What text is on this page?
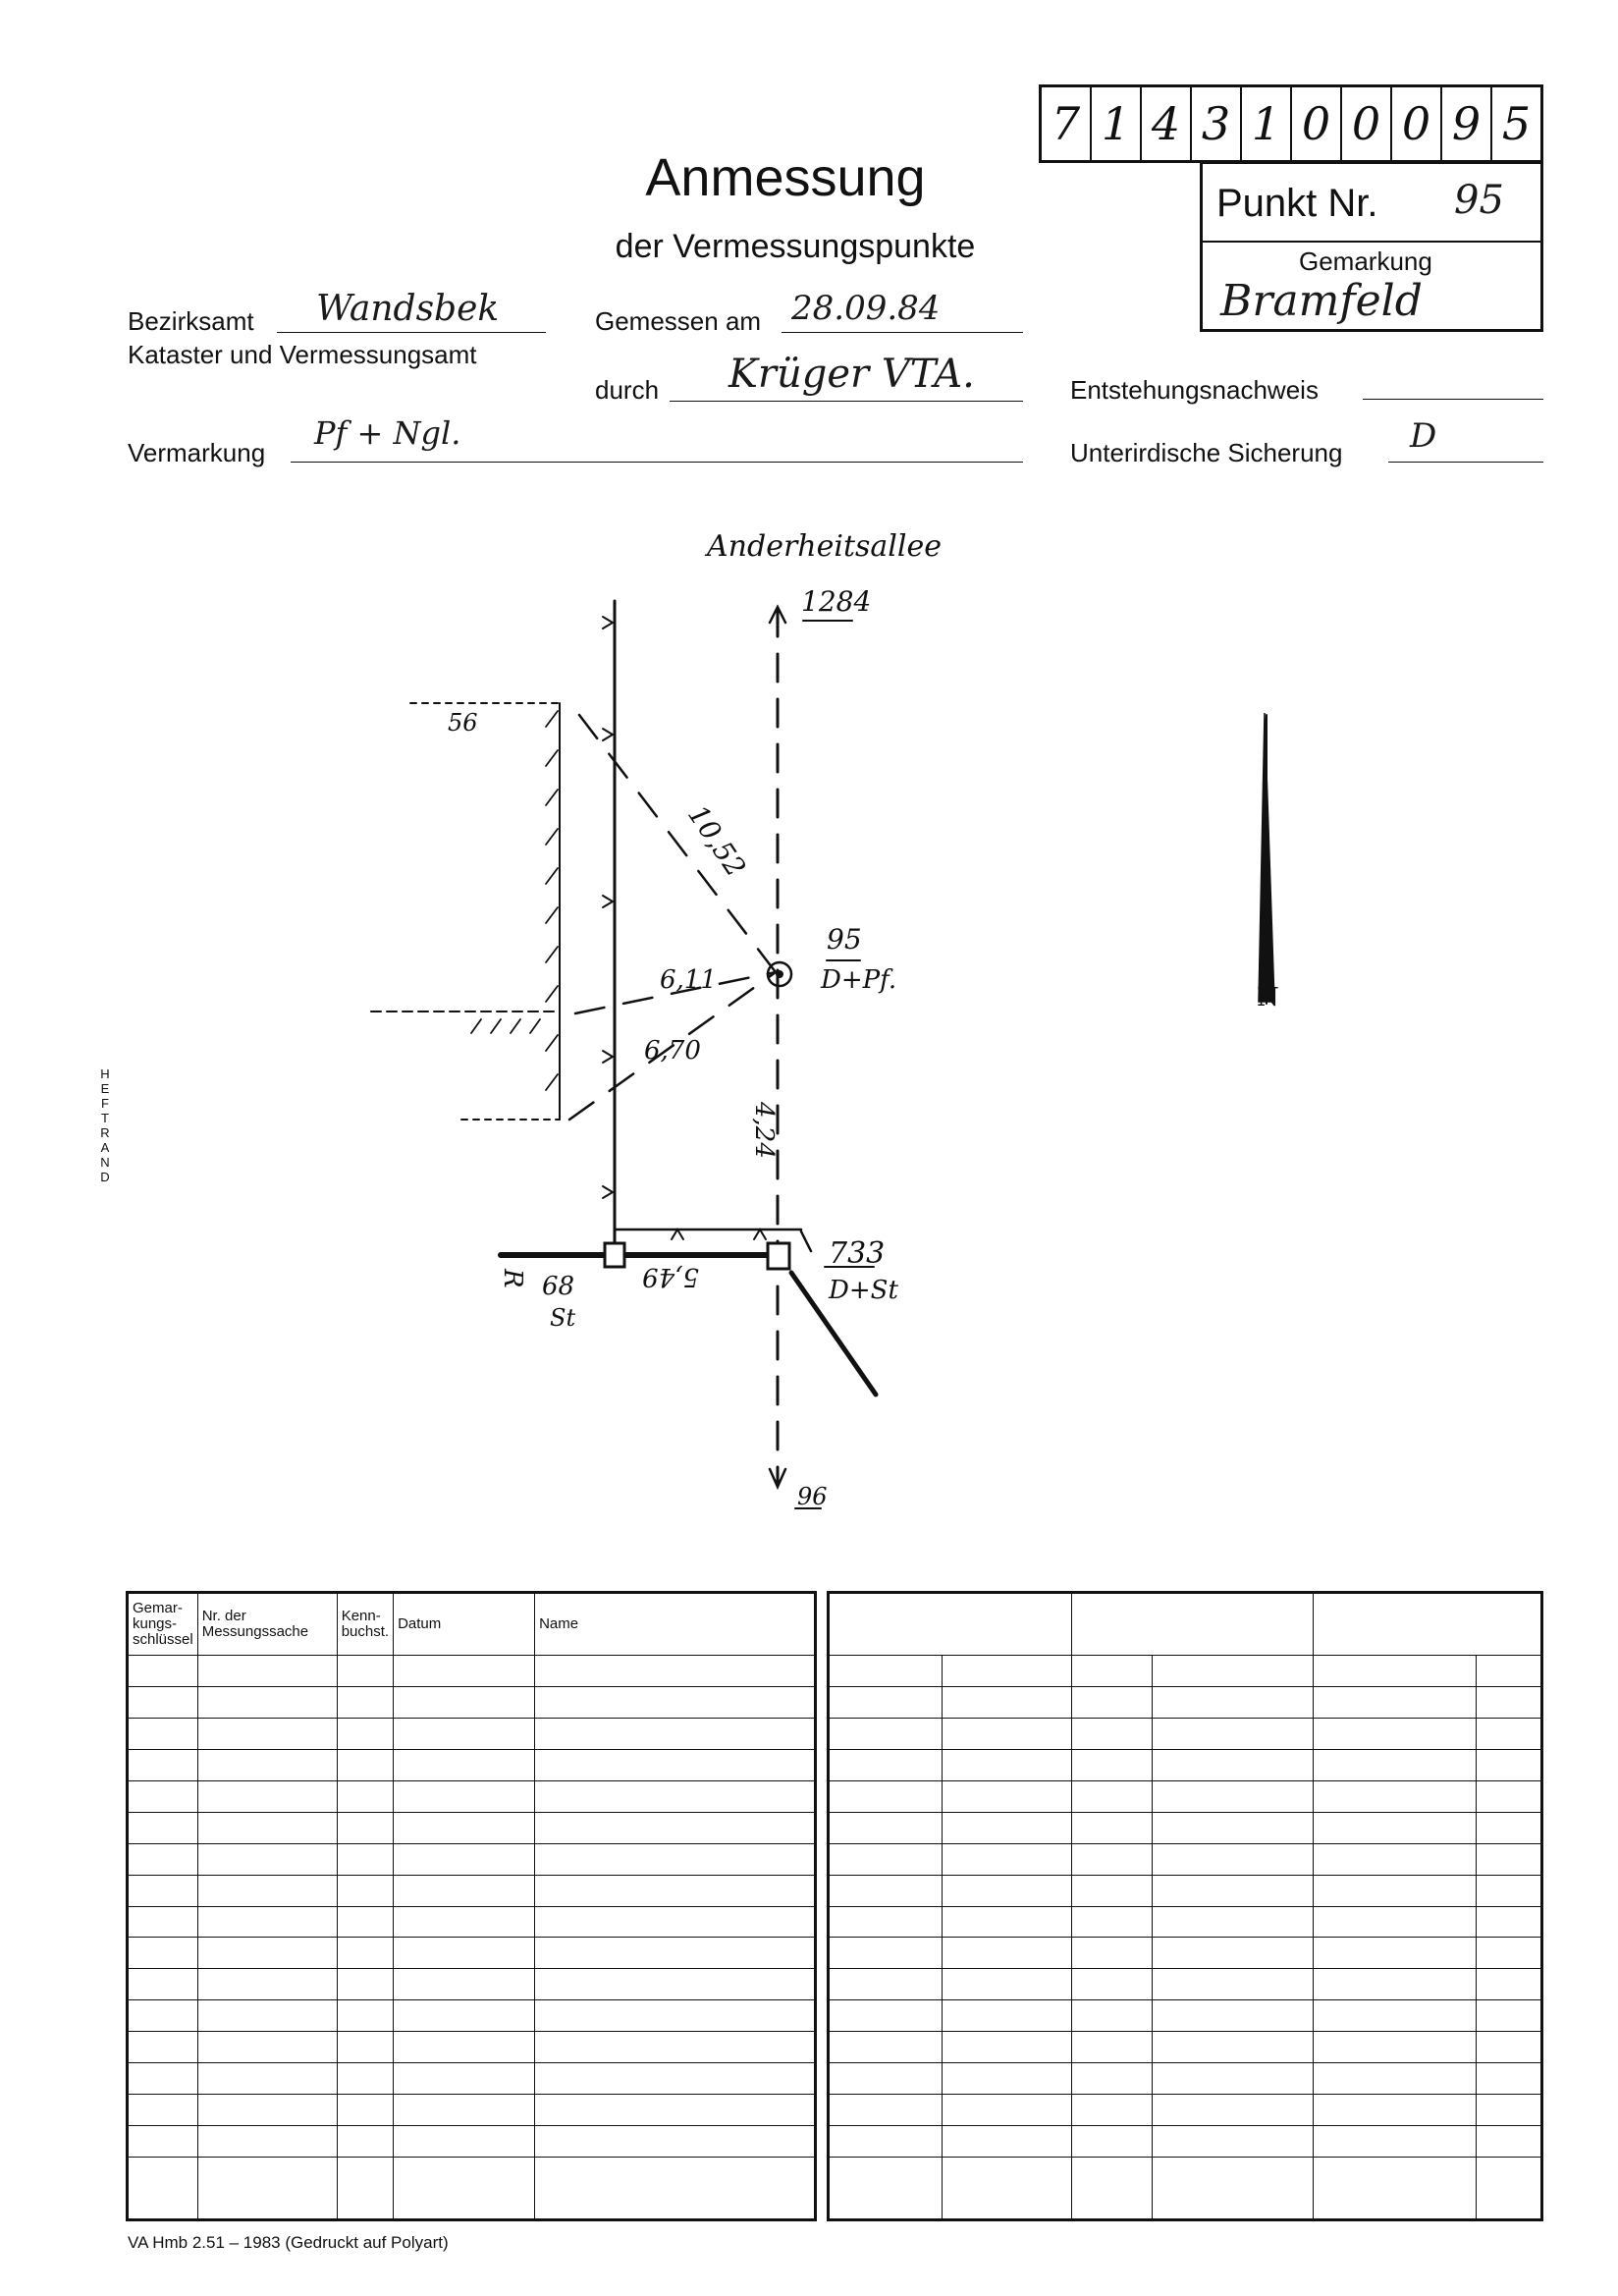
7 1 4 3 1 0 0 0 9 5
Anmessung
der Vermessungspunkte
Punkt Nr. 95
Gemarkung
Bramfeld
Bezirksamt Wandsbek
Kataster und Vermessungsamt
Gemessen am 28.09.84
durch Krüger VTA.	Entstehungsnachweis
Vermarkung
Pf + Ngl.
Unterirdische Sicherung D
HEFTRAND
Anderheitsallee
1284
56
10,52
95
D+Pf.
6,11
6,70
4,24
733
D+St
68
St
5,49
R
96
N
Gemar-kungs-schlüssel	Nr. der Messungssache	Kenn-buchst.	Datum	Name

VA Hmb 2.51 – 1983 (Gedruckt auf Polyart)
